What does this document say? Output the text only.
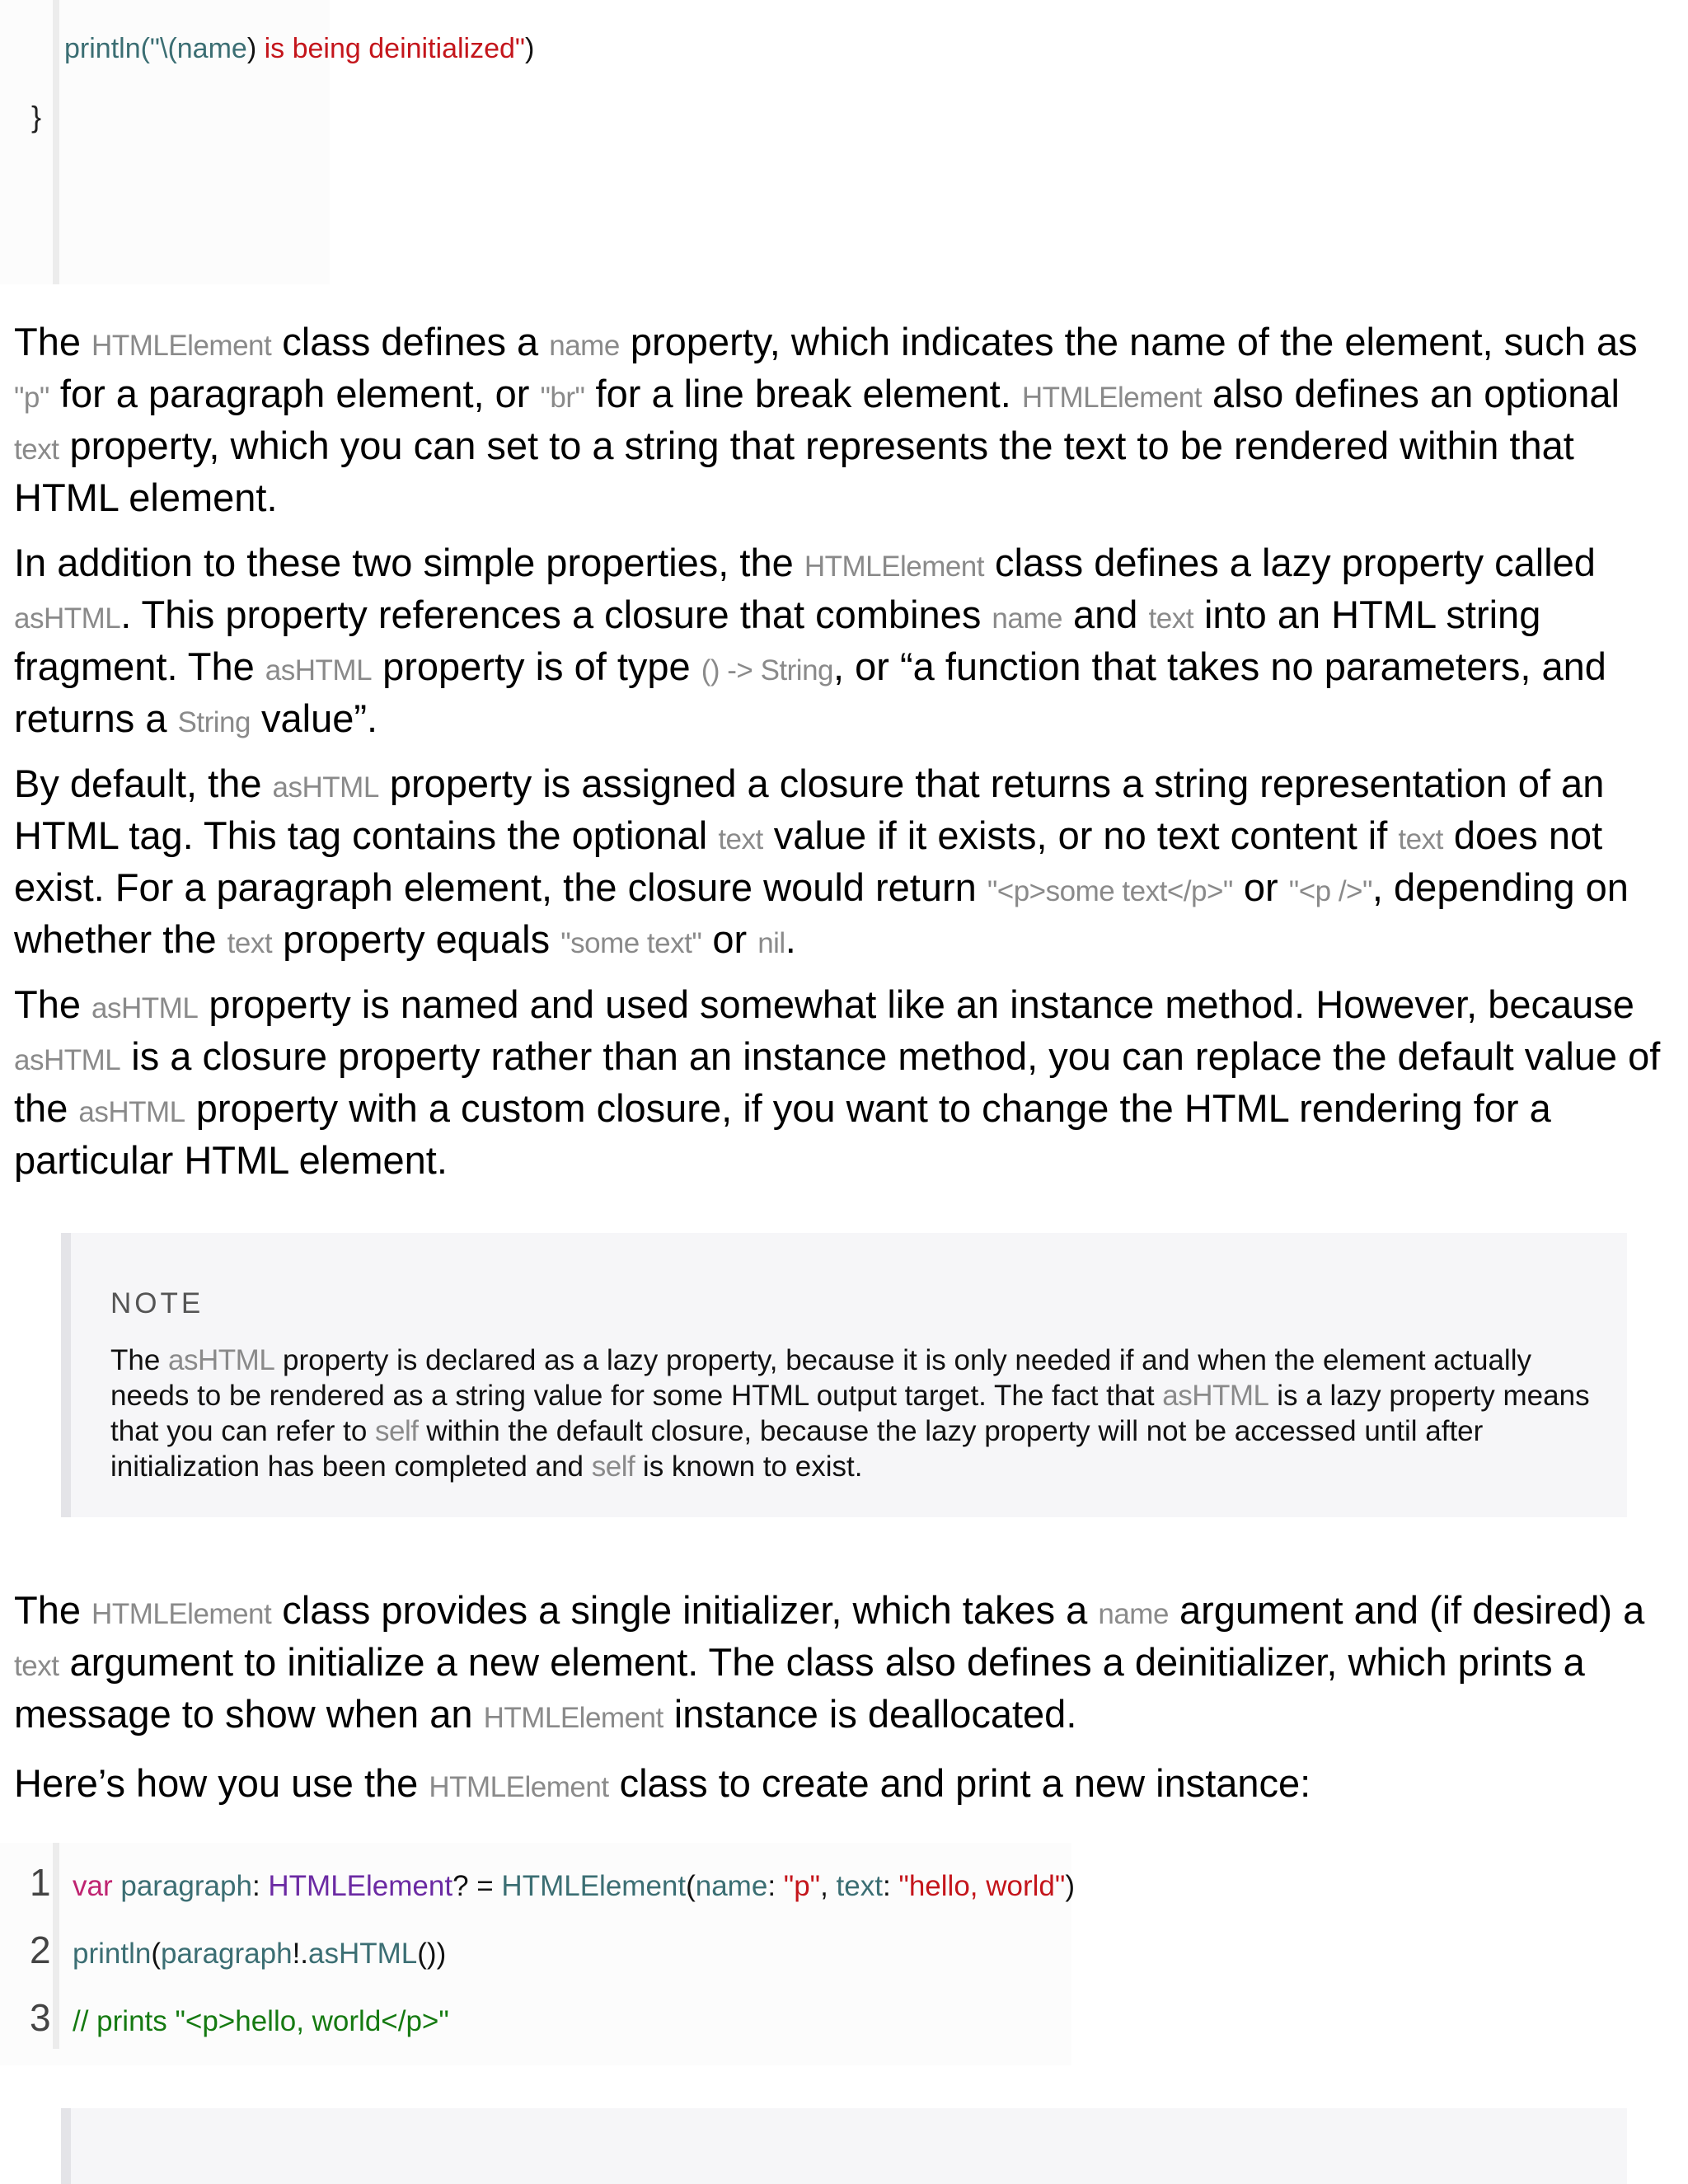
println("\(name) is being deinitialized")
}

The HTMLElement class defines a name property, which indicates the name of the element, such as "p" for a paragraph element, or "br" for a line break element. HTMLElement also defines an optional text property, which you can set to a string that represents the text to be rendered within that HTML element.

In addition to these two simple properties, the HTMLElement class defines a lazy property called asHTML. This property references a closure that combines name and text into an HTML string fragment. The asHTML property is of type () -> String, or “a function that takes no parameters, and returns a String value”.

By default, the asHTML property is assigned a closure that returns a string representation of an HTML tag. This tag contains the optional text value if it exists, or no text content if text does not exist. For a paragraph element, the closure would return "<p>some text</p>" or "<p />", depending on whether the text property equals "some text" or nil.

The asHTML property is named and used somewhat like an instance method. However, because asHTML is a closure property rather than an instance method, you can replace the default value of the asHTML property with a custom closure, if you want to change the HTML rendering for a particular HTML element.

NOTE
The asHTML property is declared as a lazy property, because it is only needed if and when the element actually needs to be rendered as a string value for some HTML output target. The fact that asHTML is a lazy property means that you can refer to self within the default closure, because the lazy property will not be accessed until after initialization has been completed and self is known to exist.

The HTMLElement class provides a single initializer, which takes a name argument and (if desired) a text argument to initialize a new element. The class also defines a deinitializer, which prints a message to show when an HTMLElement instance is deallocated.

Here’s how you use the HTMLElement class to create and print a new instance:

1 var paragraph: HTMLElement? = HTMLElement(name: "p", text: "hello, world")
2 println(paragraph!.asHTML())
3 // prints "<p>hello, world</p>"
